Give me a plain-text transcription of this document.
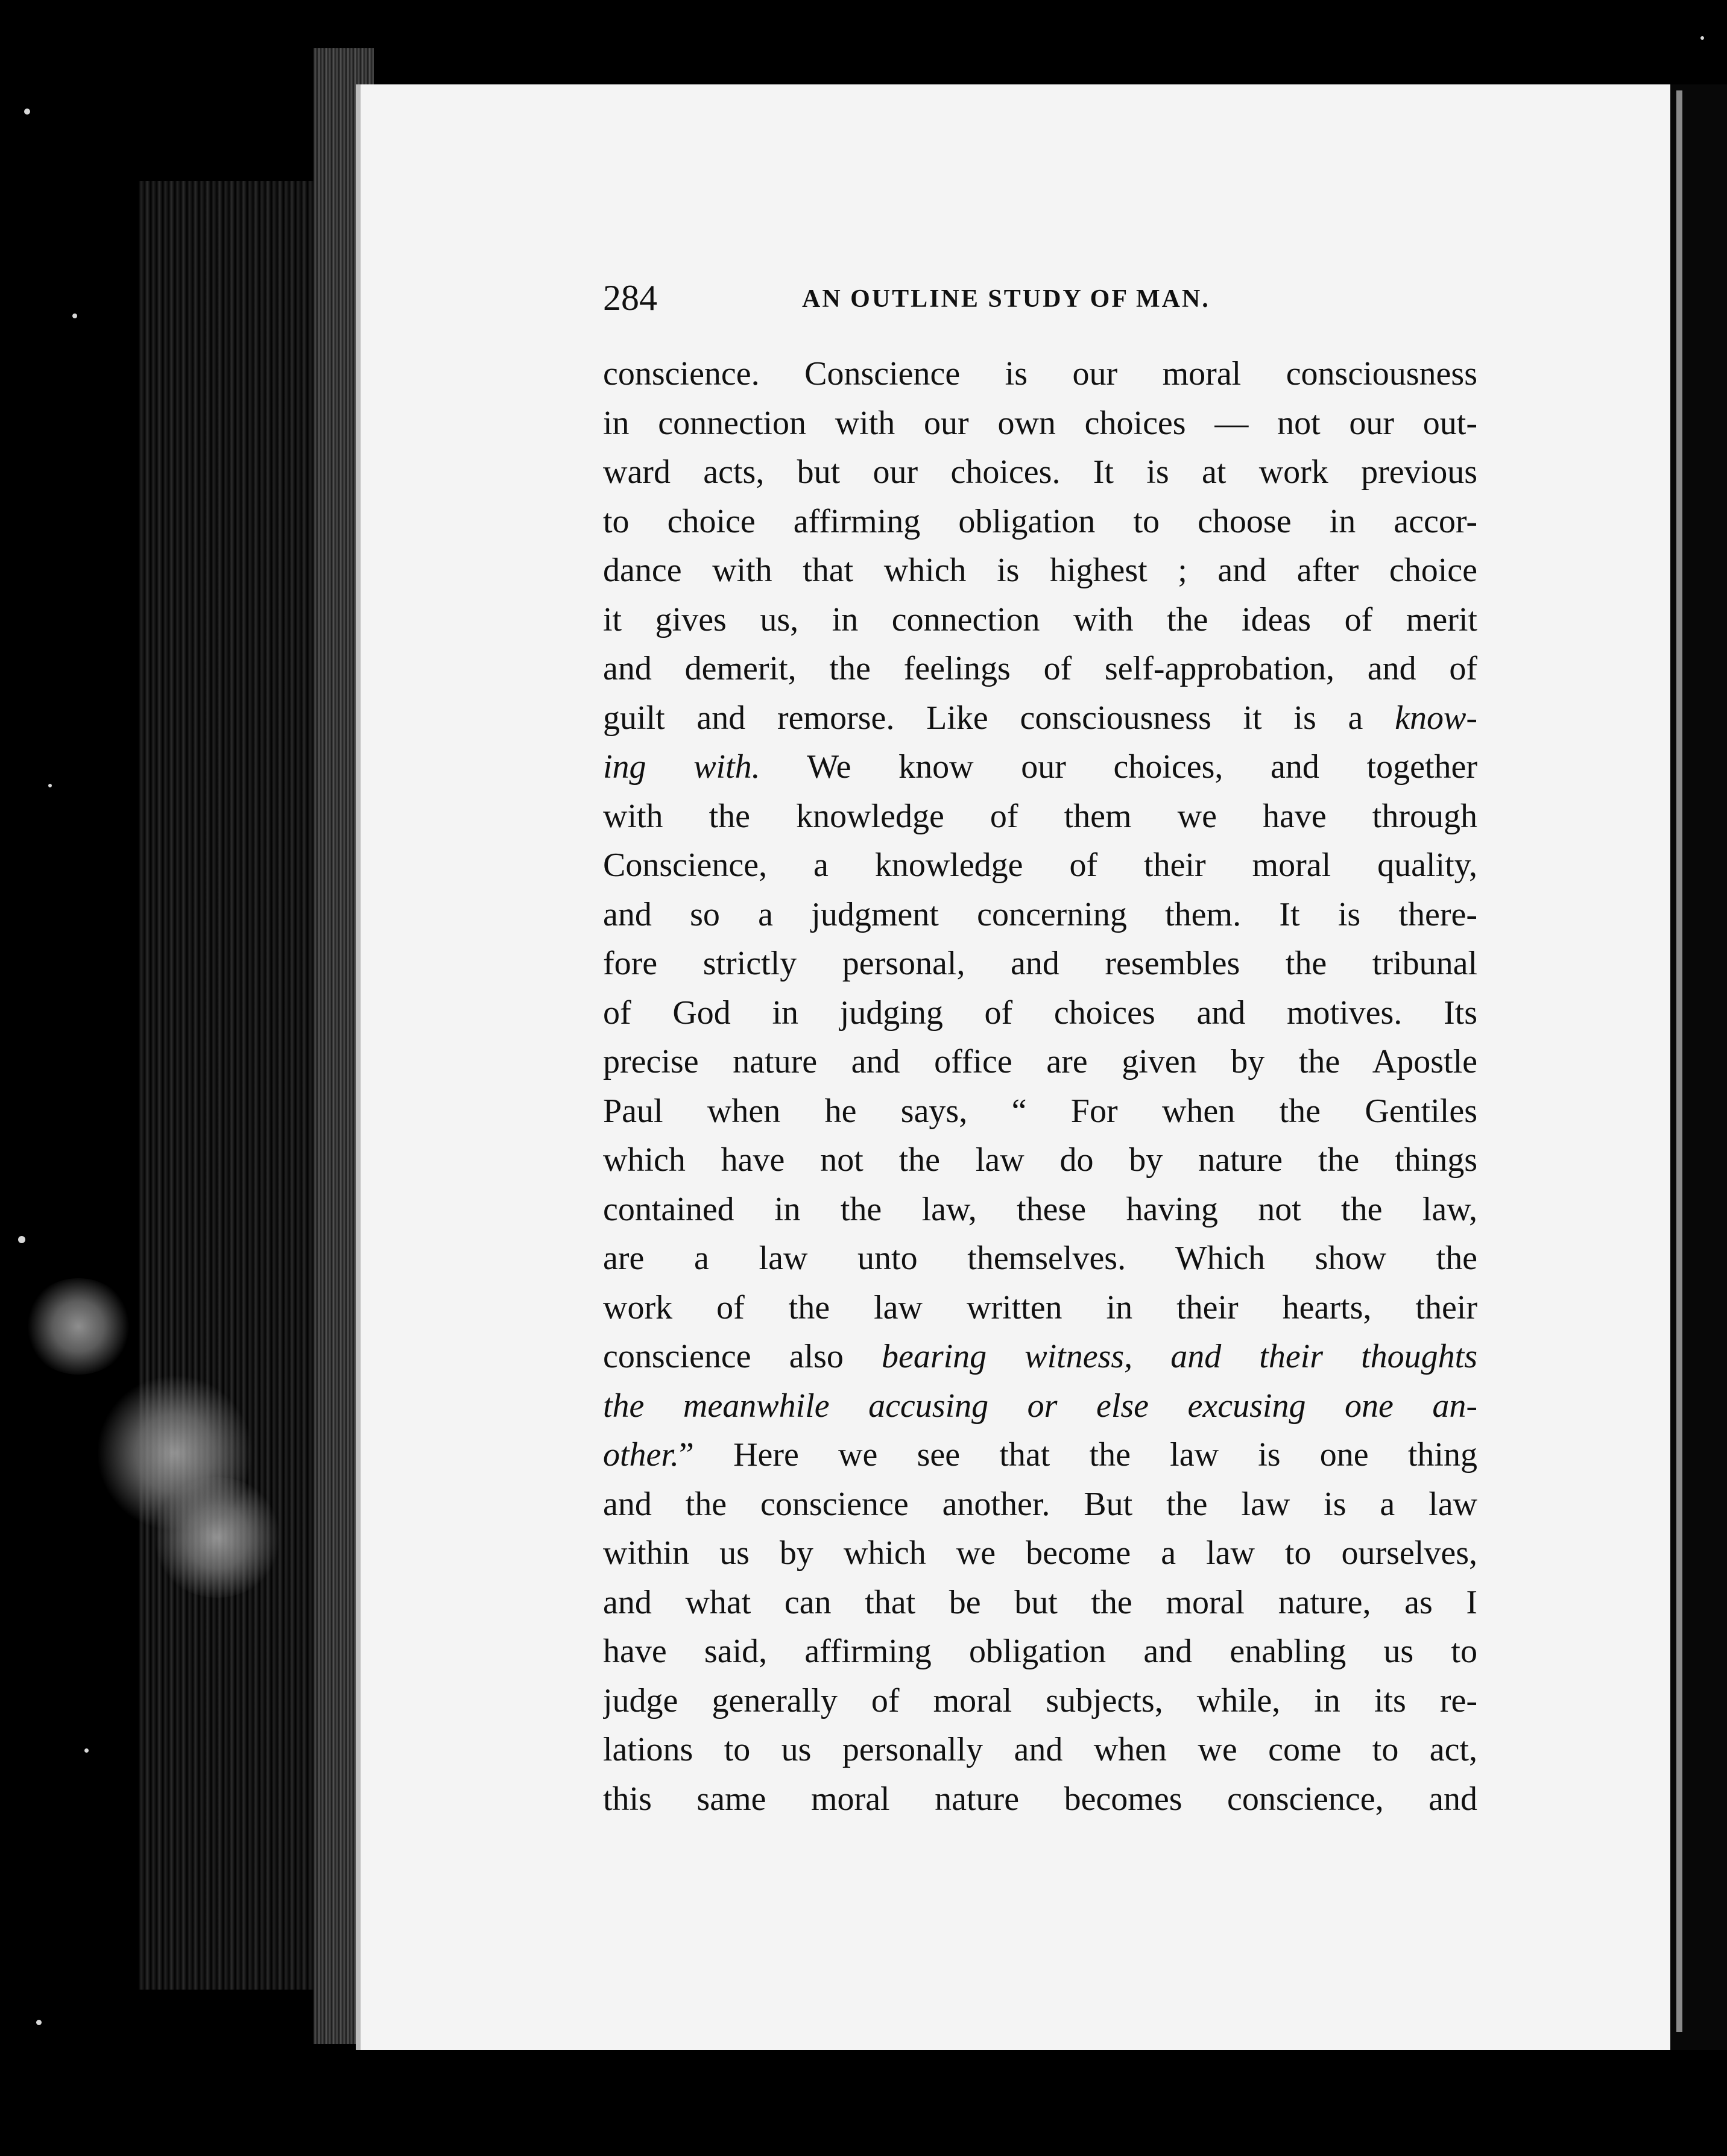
284	AN OUTLINE STUDY OF MAN.
conscience. Conscience is our moral consciousness
in connection with our own choices — not our out-
ward acts, but our choices. It is at work previous
to choice affirming obligation to choose in accor-
dance with that which is highest ; and after choice
it gives us, in connection with the ideas of merit
and demerit, the feelings of self-approbation, and of
guilt and remorse. Like consciousness it is a know-
ing with. We know our choices, and together
with the knowledge of them we have through
Conscience, a knowledge of their moral quality,
and so a judgment concerning them. It is there-
fore strictly personal, and resembles the tribunal
of God in judging of choices and motives. Its
precise nature and office are given by the Apostle
Paul when he says, “ For when the Gentiles
which have not the law do by nature the things
contained in the law, these having not the law,
are a law unto themselves. Which show the
work of the law written in their hearts, their
conscience also bearing witness, and their thoughts
the meanwhile accusing or else excusing one an-
other.” Here we see that the law is one thing
and the conscience another. But the law is a law
within us by which we become a law to ourselves,
and what can that be but the moral nature, as I
have said, affirming obligation and enabling us to
judge generally of moral subjects, while, in its re-
lations to us personally and when we come to act,
this same moral nature becomes conscience, and
